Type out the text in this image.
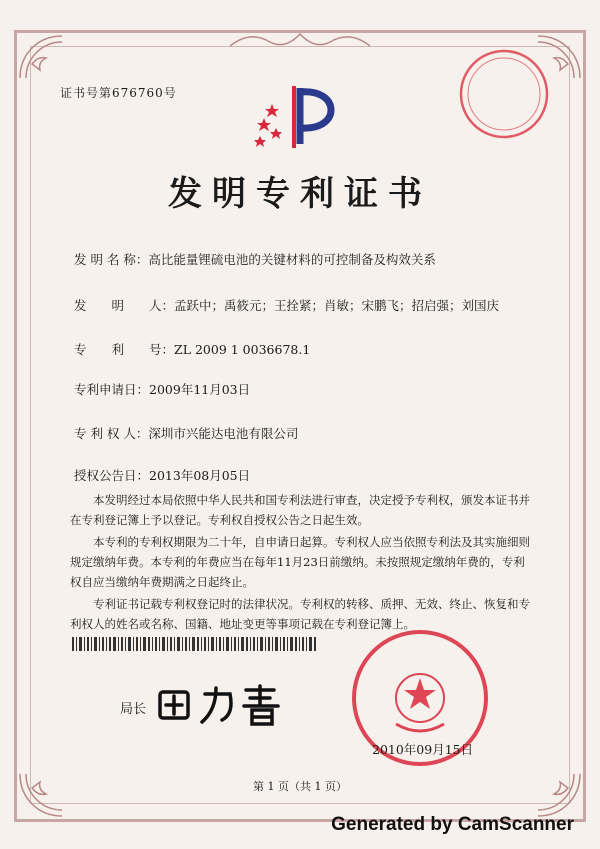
证书号第676760号
发明专利证书
发 明 名 称：高比能量锂硫电池的关键材料的可控制备及构效关系
发　　明　　人：孟跃中；禹筱元；王拴紧；肖敏；宋鹏飞；招启强；刘国庆
专　　利　　号：ZL 2009 1 0036678.1
专利申请日：2009年11月03日
专 利 权 人：深圳市兴能达电池有限公司
授权公告日：2013年08月05日

本发明经过本局依照中华人民共和国专利法进行审查，决定授予专利权，颁发本证书并在专利登记簿上予以登记。专利权自授权公告之日起生效。

本专利的专利权期限为二十年，自申请日起算。专利权人应当依照专利法及其实施细则规定缴纳年费。本专利的年费应当在每年11月23日前缴纳。未按照规定缴纳年费的，专利权自应当缴纳年费期满之日起终止。

专利证书记载专利权登记时的法律状况。专利权的转移、质押、无效、终止、恢复和专利权人的姓名或名称、国籍、地址变更等事项记载在专利登记簿上。

局长
2010年09月15日
第 1 页（共 1 页）
Generated by CamScanner
